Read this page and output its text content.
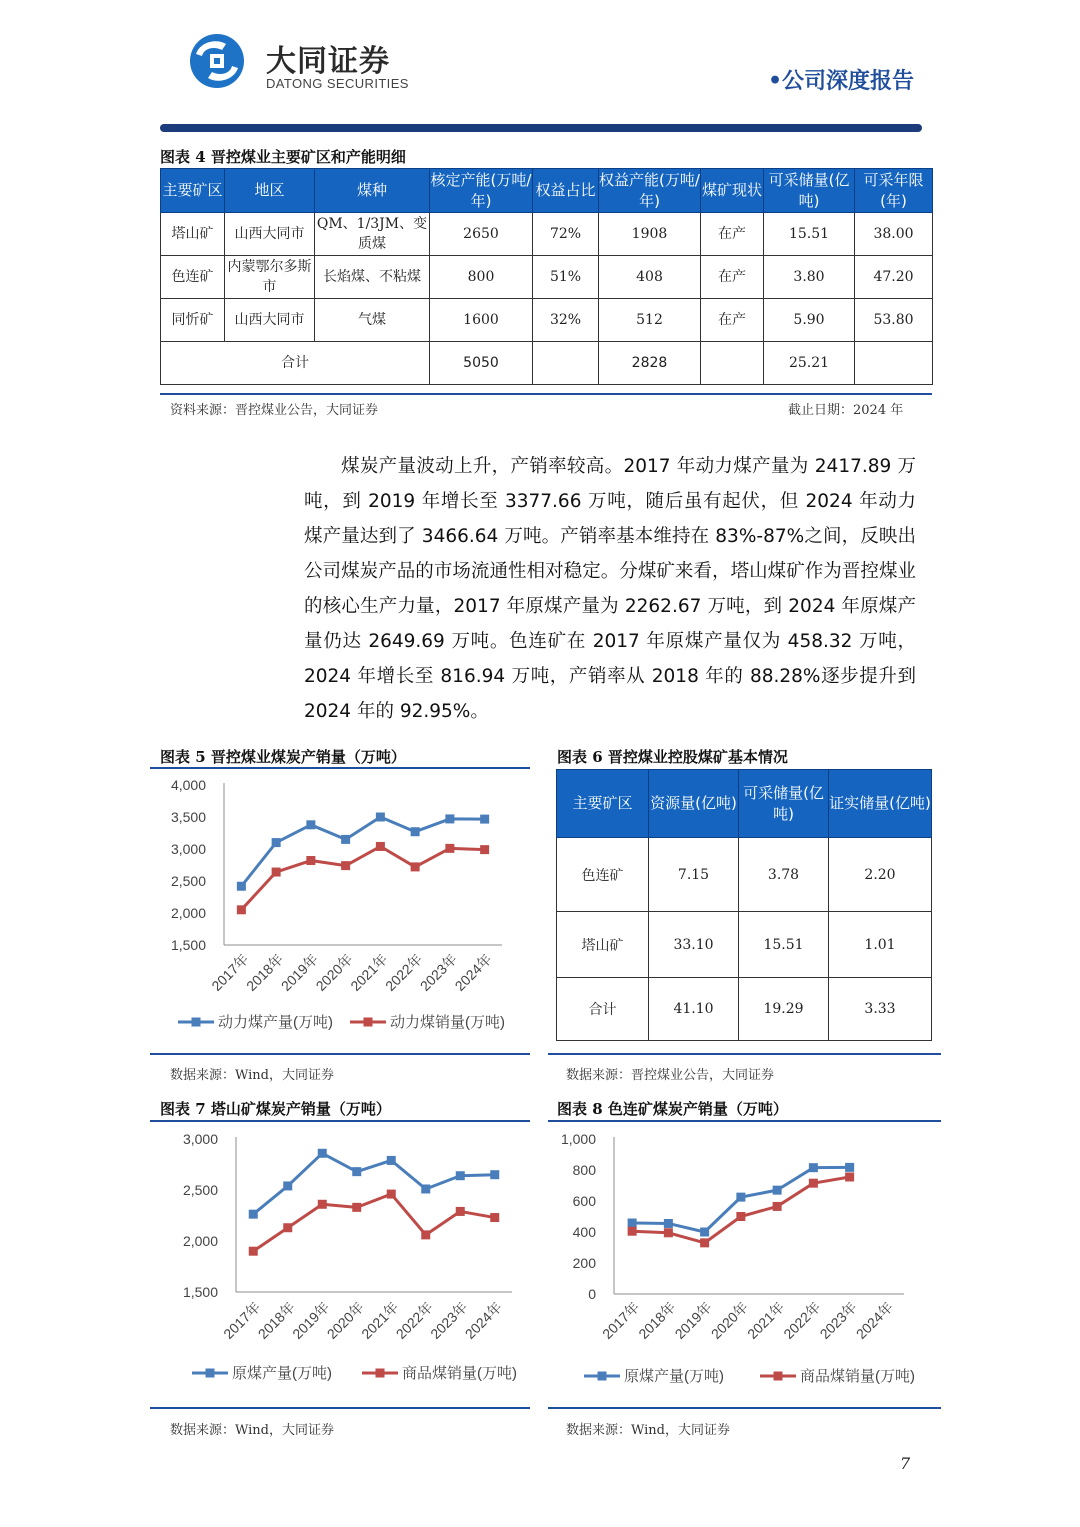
大同证券
DATONG SECURITIES	•公司深度报告
图表 4 晋控煤业主要矿区和产能明细
主要矿区	地区	煤种	核定产能(万吨/年)	权益占比	权益产能(万吨/年)	煤矿现状	可采储量(亿吨)	可采年限(年)
塔山矿	山西大同市	QM、1/3JM、变质煤	2650	72%	1908	在产	15.51	38.00
色连矿	内蒙鄂尔多斯市	长焰煤、不粘煤	800	51%	408	在产	3.80	47.20
同忻矿	山西大同市	气煤	1600	32%	512	在产	5.90	53.80
合计			5050		2828		25.21	
资料来源：晋控煤业公告，大同证券	截止日期：2024 年
煤炭产量波动上升，产销率较高。2017 年动力煤产量为 2417.89 万吨，到 2019 年增长至 3377.66 万吨，随后虽有起伏，但 2024 年动力煤产量达到了 3466.64 万吨。产销率基本维持在 83%-87%之间，反映出公司煤炭产品的市场流通性相对稳定。分煤矿来看，塔山煤矿作为晋控煤业的核心生产力量，2017 年原煤产量为 2262.67 万吨，到 2024 年原煤产量仍达 2649.69 万吨。色连矿在 2017 年原煤产量仅为 458.32 万吨，2024 年增长至 816.94 万吨，产销率从 2018 年的 88.28%逐步提升到 2024 年的 92.95%。
图表 5 晋控煤业煤炭产销量（万吨）
1,500
2,000
2,500
3,000
3,500
4,000
2017年
2018年
2019年
2020年
2021年
2022年
2023年
2024年
动力煤产量(万吨)	动力煤销量(万吨)
数据来源：Wind，大同证券
图表 6 晋控煤业控股煤矿基本情况
主要矿区	资源量(亿吨)	可采储量(亿吨)	证实储量(亿吨)
色连矿	7.15	3.78	2.20
塔山矿	33.10	15.51	1.01
合计	41.10	19.29	3.33
数据来源：晋控煤业公告，大同证券
图表 7 塔山矿煤炭产销量（万吨）
1,500
2,000
2,500
3,000
2017年
2018年
2019年
2020年
2021年
2022年
2023年
2024年
原煤产量(万吨)	商品煤销量(万吨)
数据来源：Wind，大同证券
图表 8 色连矿煤炭产销量（万吨）
0
200
400
600
800
1,000
2017年
2018年
2019年
2020年
2021年
2022年
2023年
2024年
原煤产量(万吨)	商品煤销量(万吨)
数据来源：Wind，大同证券
7
